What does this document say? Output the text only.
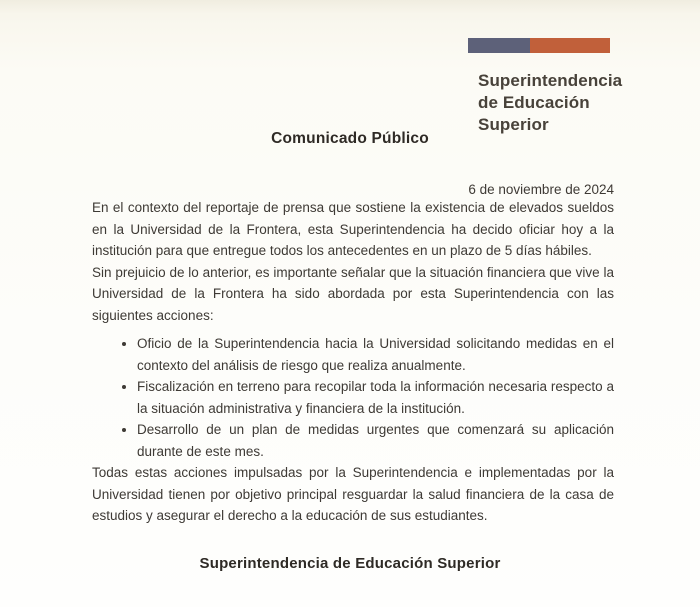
Superintendencia
de Educación
Superior
Comunicado Público
6 de noviembre de 2024

En el contexto del reportaje de prensa que sostiene la existencia de elevados sueldos en la Universidad de la Frontera, esta Superintendencia ha decido oficiar hoy a la institución para que entregue todos los antecedentes en un plazo de 5 días hábiles.

Sin prejuicio de lo anterior, es importante señalar que la situación financiera que vive la Universidad de la Frontera ha sido abordada por esta Superintendencia con las siguientes acciones:

• Oficio de la Superintendencia hacia la Universidad solicitando medidas en el contexto del análisis de riesgo que realiza anualmente.
• Fiscalización en terreno para recopilar toda la información necesaria respecto a la situación administrativa y financiera de la institución.
• Desarrollo de un plan de medidas urgentes que comenzará su aplicación durante de este mes.

Todas estas acciones impulsadas por la Superintendencia e implementadas por la Universidad tienen por objetivo principal resguardar la salud financiera de la casa de estudios y asegurar el derecho a la educación de sus estudiantes.

Superintendencia de Educación Superior
